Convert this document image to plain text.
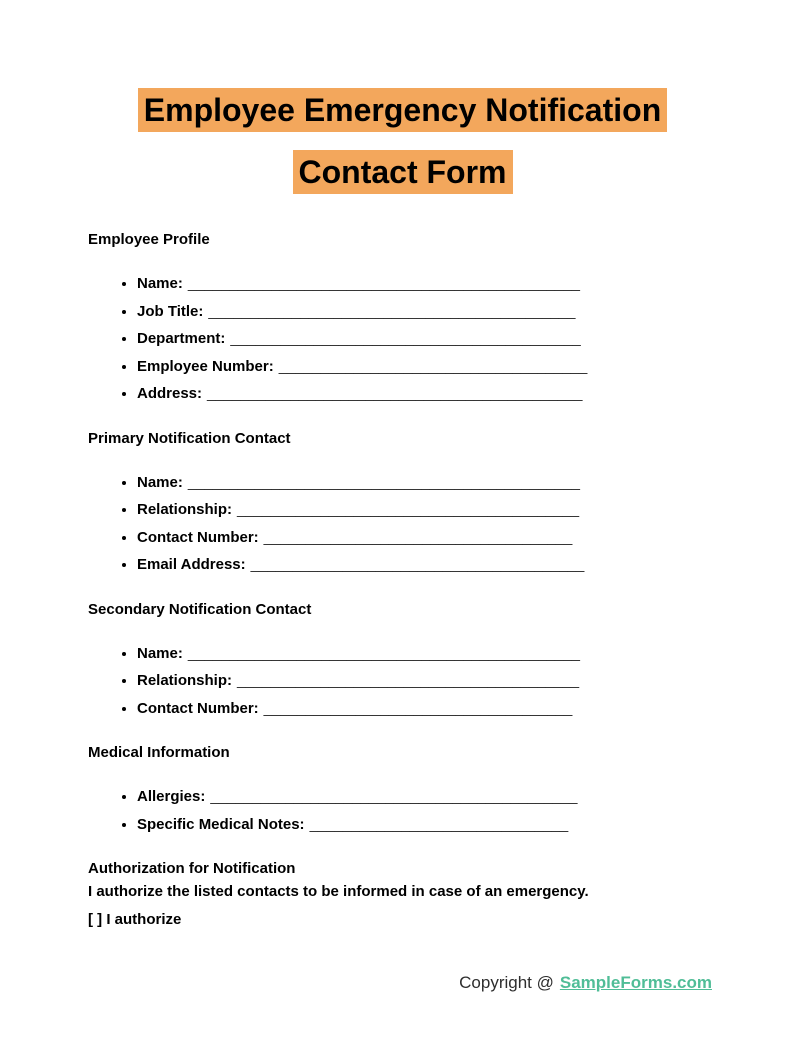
Employee Emergency Notification
Contact Form
Employee Profile
• Name: _______________________________________________
• Job Title: ____________________________________________
• Department: __________________________________________
• Employee Number: _____________________________________
• Address: _____________________________________________
Primary Notification Contact
• Name: _______________________________________________
• Relationship: _________________________________________
• Contact Number: _____________________________________
• Email Address: ________________________________________
Secondary Notification Contact
• Name: _______________________________________________
• Relationship: _________________________________________
• Contact Number: _____________________________________
Medical Information
• Allergies: ____________________________________________
• Specific Medical Notes: _______________________________
Authorization for Notification

I authorize the listed contacts to be informed in case of an emergency.

[ ] I authorize

Copyright @ SampleForms.com
